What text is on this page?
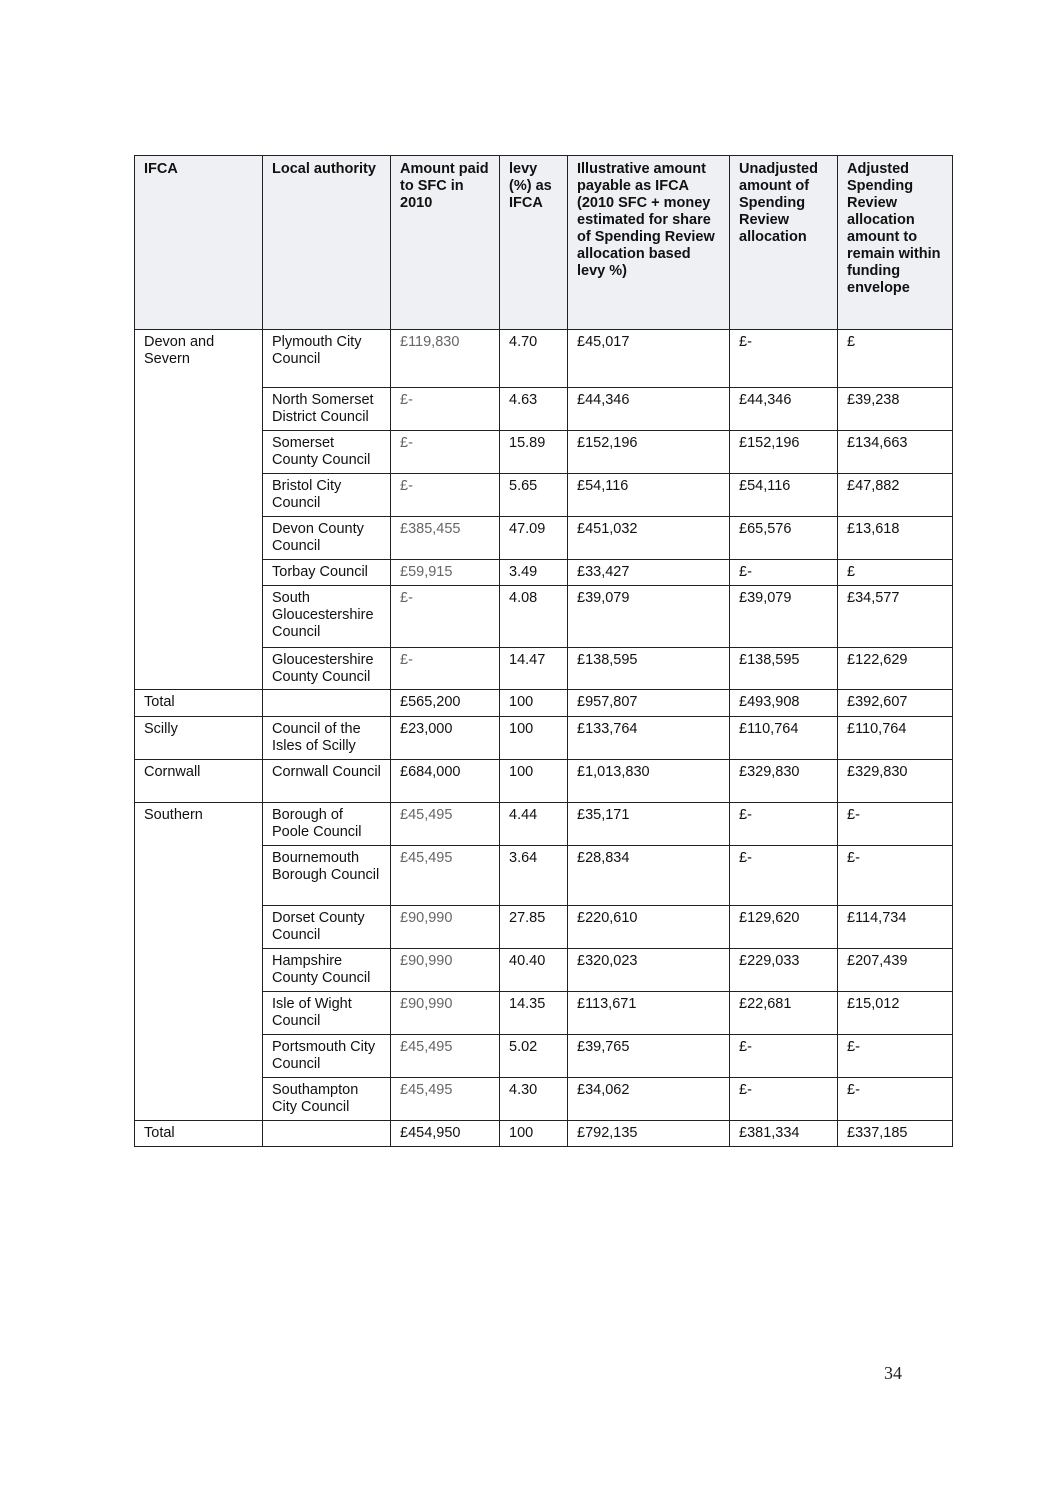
IFCA	Local authority	Amount paid to SFC in 2010	levy (%) as IFCA	Illustrative amount payable as IFCA (2010 SFC + money estimated for share of Spending Review allocation based levy %)	Unadjusted amount of Spending Review allocation	Adjusted Spending Review allocation amount to remain within funding envelope
Devon and Severn	Plymouth City Council	£119,830	4.70	£45,017	£-	£
	North Somerset District Council	£-	4.63	£44,346	£44,346	£39,238
	Somerset County Council	£-	15.89	£152,196	£152,196	£134,663
	Bristol City Council	£-	5.65	£54,116	£54,116	£47,882
	Devon County Council	£385,455	47.09	£451,032	£65,576	£13,618
	Torbay Council	£59,915	3.49	£33,427	£-	£
	South Gloucestershire Council	£-	4.08	£39,079	£39,079	£34,577
	Gloucestershire County Council	£-	14.47	£138,595	£138,595	£122,629
Total		£565,200	100	£957,807	£493,908	£392,607
Scilly	Council of the Isles of Scilly	£23,000	100	£133,764	£110,764	£110,764
Cornwall	Cornwall Council	£684,000	100	£1,013,830	£329,830	£329,830
Southern	Borough of Poole Council	£45,495	4.44	£35,171	£-	£-
	Bournemouth Borough Council	£45,495	3.64	£28,834	£-	£-
	Dorset County Council	£90,990	27.85	£220,610	£129,620	£114,734
	Hampshire County Council	£90,990	40.40	£320,023	£229,033	£207,439
	Isle of Wight Council	£90,990	14.35	£113,671	£22,681	£15,012
	Portsmouth City Council	£45,495	5.02	£39,765	£-	£-
	Southampton City Council	£45,495	4.30	£34,062	£-	£-
Total		£454,950	100	£792,135	£381,334	£337,185
34
